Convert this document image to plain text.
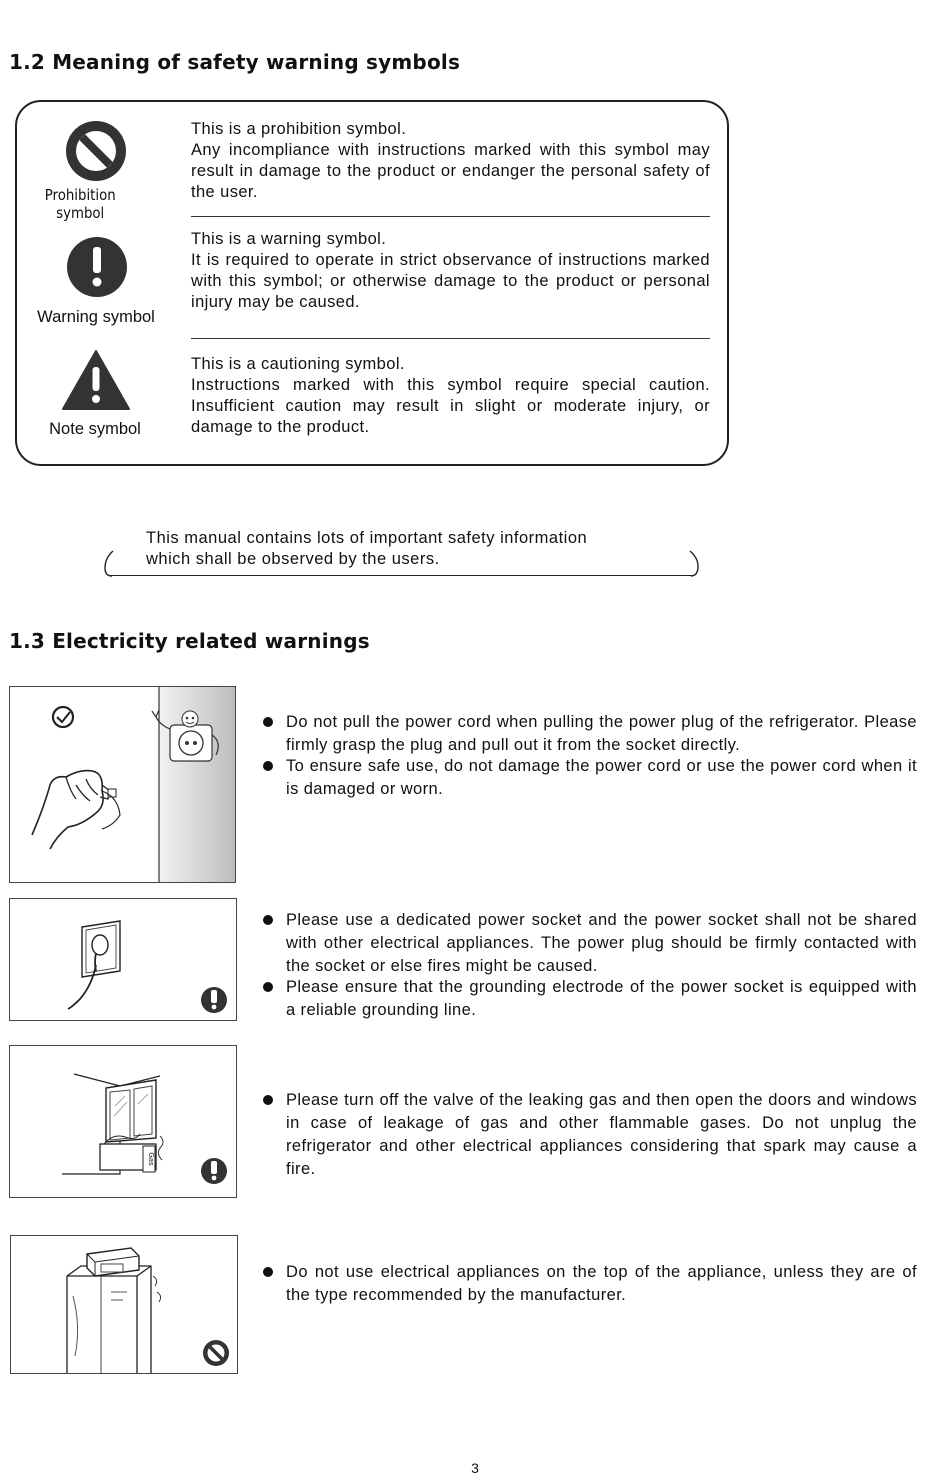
1.2 Meaning of safety warning symbols
Prohibition symbol
This is a prohibition symbol.
Any incompliance with instructions marked with this symbol may result in damage to the product or endanger the personal safety of the user.
Warning symbol
This is a warning symbol.
It is required to operate in strict observance of instructions marked with this symbol; or otherwise damage to the product or personal injury may be caused.
Note symbol
This is a cautioning symbol.
Instructions marked with this symbol require special caution. Insufficient caution may result in slight or moderate injury, or damage to the product.
This manual contains lots of important safety information
which shall be observed by the users.
1.3 Electricity related warnings
Do not pull the power cord when pulling the power plug of the refrigerator. Please firmly grasp the plug and pull out it from the socket directly.
To ensure safe use, do not damage the power cord or use the power cord when it is damaged or worn.
Please use a dedicated power socket and the power socket shall not be shared with other electrical appliances. The power plug should be firmly contacted with the socket or else fires might be caused.
Please ensure that the grounding electrode of the power socket is equipped with a reliable grounding line.
Gas
Please turn off the valve of the leaking gas and then open the doors and windows in case of leakage of gas and other flammable gases. Do not unplug the refrigerator and other electrical appliances considering that spark may cause a fire.
Do not use electrical appliances on the top of the appliance, unless they are of the type recommended by the manufacturer.
3
